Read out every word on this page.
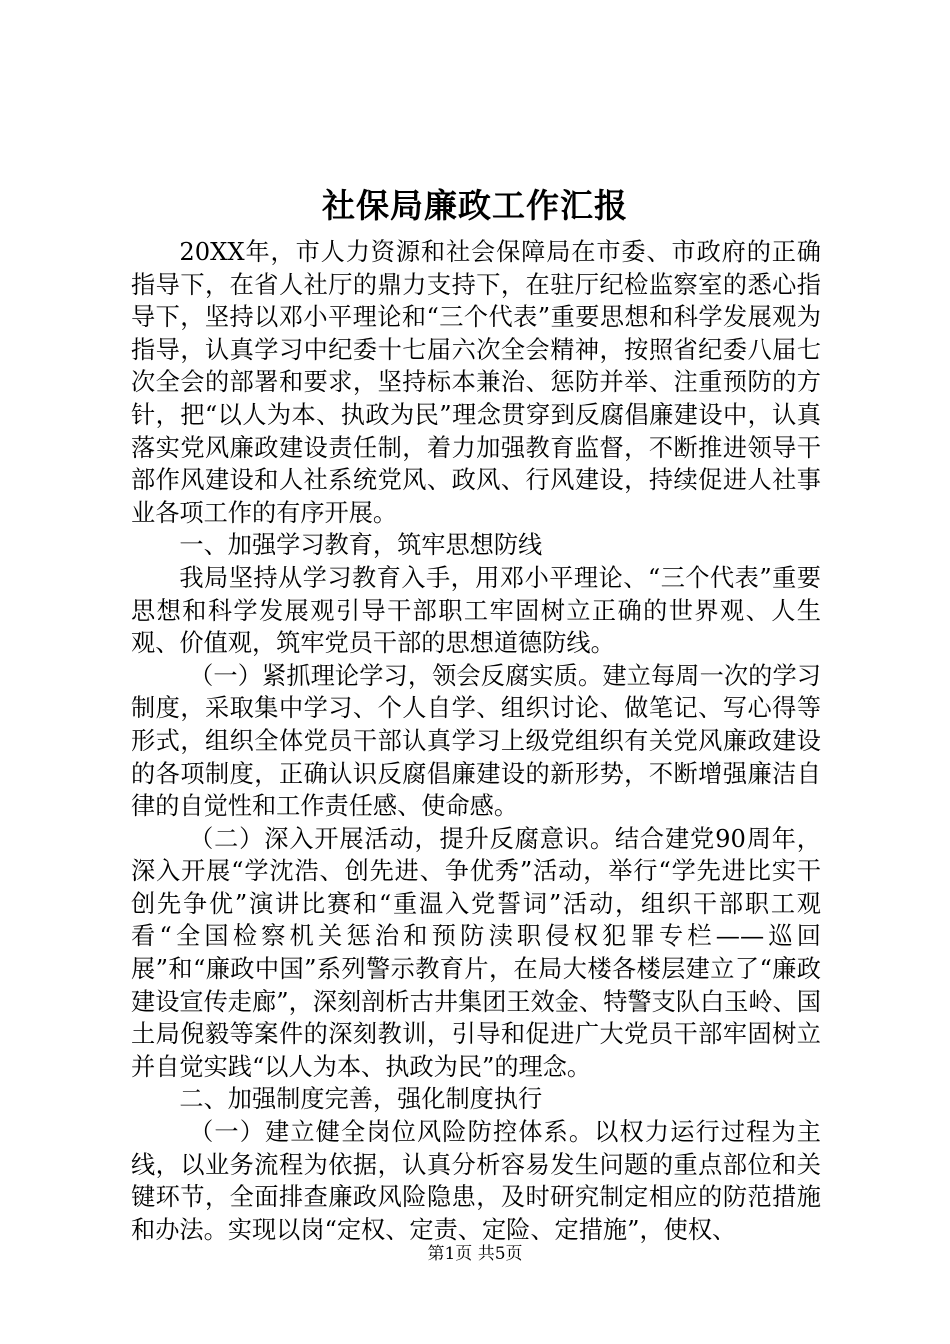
社保局廉政工作汇报

20XX年，市人力资源和社会保障局在市委、市政府的正确指导下，在省人社厅的鼎力支持下，在驻厅纪检监察室的悉心指导下，坚持以邓小平理论和“三个代表”重要思想和科学发展观为指导，认真学习中纪委十七届六次全会精神，按照省纪委八届七次全会的部署和要求，坚持标本兼治、惩防并举、注重预防的方针，把“以人为本、执政为民”理念贯穿到反腐倡廉建设中，认真落实党风廉政建设责任制，着力加强教育监督，不断推进领导干部作风建设和人社系统党风、政风、行风建设，持续促进人社事业各项工作的有序开展。

一、加强学习教育，筑牢思想防线

我局坚持从学习教育入手，用邓小平理论、“三个代表”重要思想和科学发展观引导干部职工牢固树立正确的世界观、人生观、价值观，筑牢党员干部的思想道德防线。

（一）紧抓理论学习，领会反腐实质。建立每周一次的学习制度，采取集中学习、个人自学、组织讨论、做笔记、写心得等形式，组织全体党员干部认真学习上级党组织有关党风廉政建设的各项制度，正确认识反腐倡廉建设的新形势，不断增强廉洁自律的自觉性和工作责任感、使命感。

（二）深入开展活动，提升反腐意识。结合建党90周年，深入开展“学沈浩、创先进、争优秀”活动，举行“学先进比实干创先争优”演讲比赛和“重温入党誓词”活动，组织干部职工观看“全国检察机关惩治和预防渎职侵权犯罪专栏——巡回展”和“廉政中国”系列警示教育片，在局大楼各楼层建立了“廉政建设宣传走廊”，深刻剖析古井集团王效金、特警支队白玉岭、国土局倪毅等案件的深刻教训，引导和促进广大党员干部牢固树立并自觉实践“以人为本、执政为民”的理念。

二、加强制度完善，强化制度执行

（一）建立健全岗位风险防控体系。以权力运行过程为主线，以业务流程为依据，认真分析容易发生问题的重点部位和关键环节，全面排查廉政风险隐患，及时研究制定相应的防范措施和办法。实现以岗“定权、定责、定险、定措施”，使权、

第1页 共5页
